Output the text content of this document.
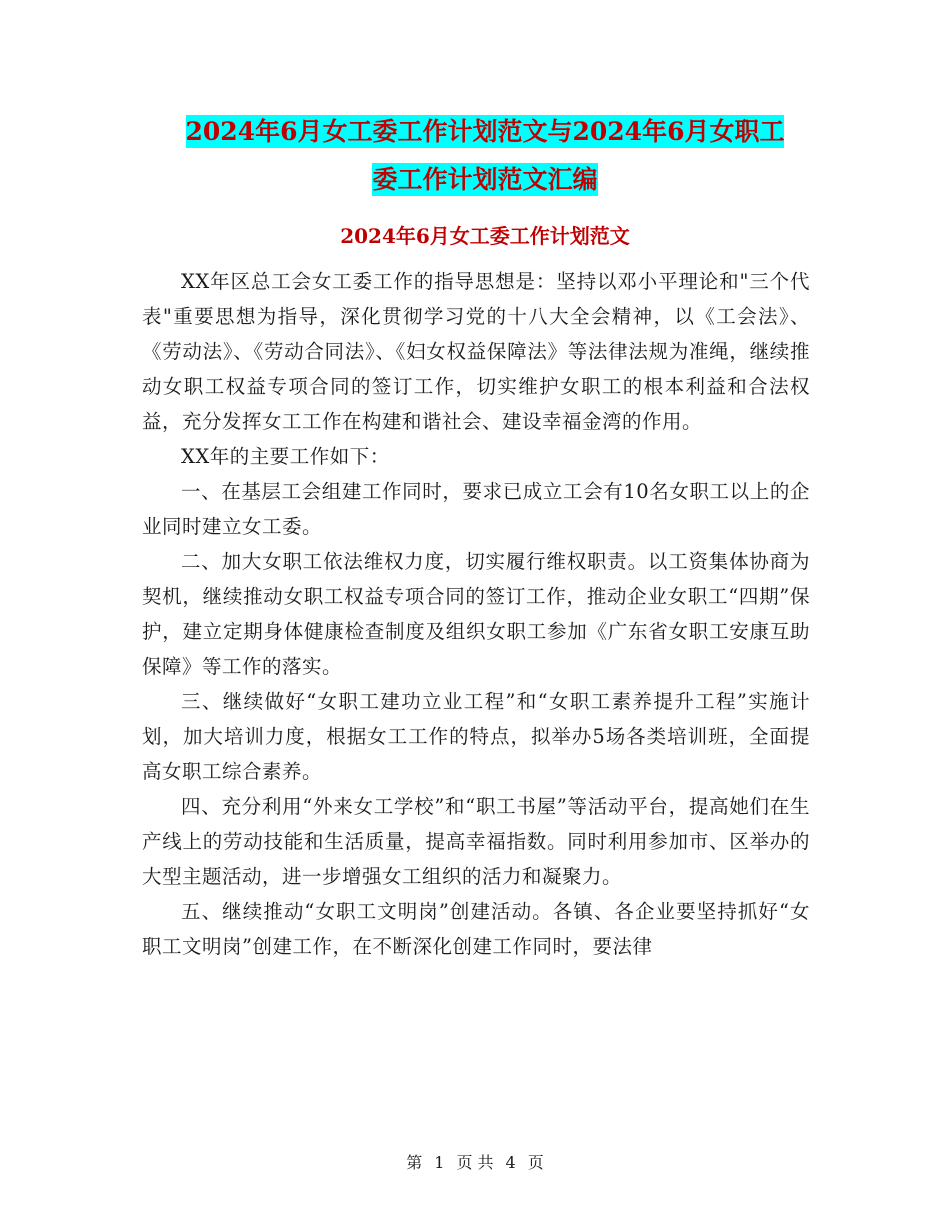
2024年6月女工委工作计划范文与2024年6月女职工
委工作计划范文汇编
2024年6月女工委工作计划范文

XX年区总工会女工委工作的指导思想是：坚持以邓小平理论和"三个代表"重要思想为指导，深化贯彻学习党的十八大全会精神，以《工会法》、《劳动法》、《劳动合同法》、《妇女权益保障法》等法律法规为准绳，继续推动女职工权益专项合同的签订工作，切实维护女职工的根本利益和合法权益，充分发挥女工工作在构建和谐社会、建设幸福金湾的作用。

XX年的主要工作如下：

一、在基层工会组建工作同时，要求已成立工会有10名女职工以上的企业同时建立女工委。

二、加大女职工依法维权力度，切实履行维权职责。以工资集体协商为契机，继续推动女职工权益专项合同的签订工作，推动企业女职工“四期”保护，建立定期身体健康检查制度及组织女职工参加《广东省女职工安康互助保障》等工作的落实。

三、继续做好“女职工建功立业工程”和“女职工素养提升工程”实施计划，加大培训力度，根据女工工作的特点，拟举办5场各类培训班，全面提高女职工综合素养。

四、充分利用“外来女工学校”和“职工书屋”等活动平台，提高她们在生产线上的劳动技能和生活质量，提高幸福指数。同时利用参加市、区举办的大型主题活动，进一步增强女工组织的活力和凝聚力。

五、继续推动“女职工文明岗”创建活动。各镇、各企业要坚持抓好“女职工文明岗”创建工作，在不断深化创建工作同时，要法律

第 1 页 共 4 页
